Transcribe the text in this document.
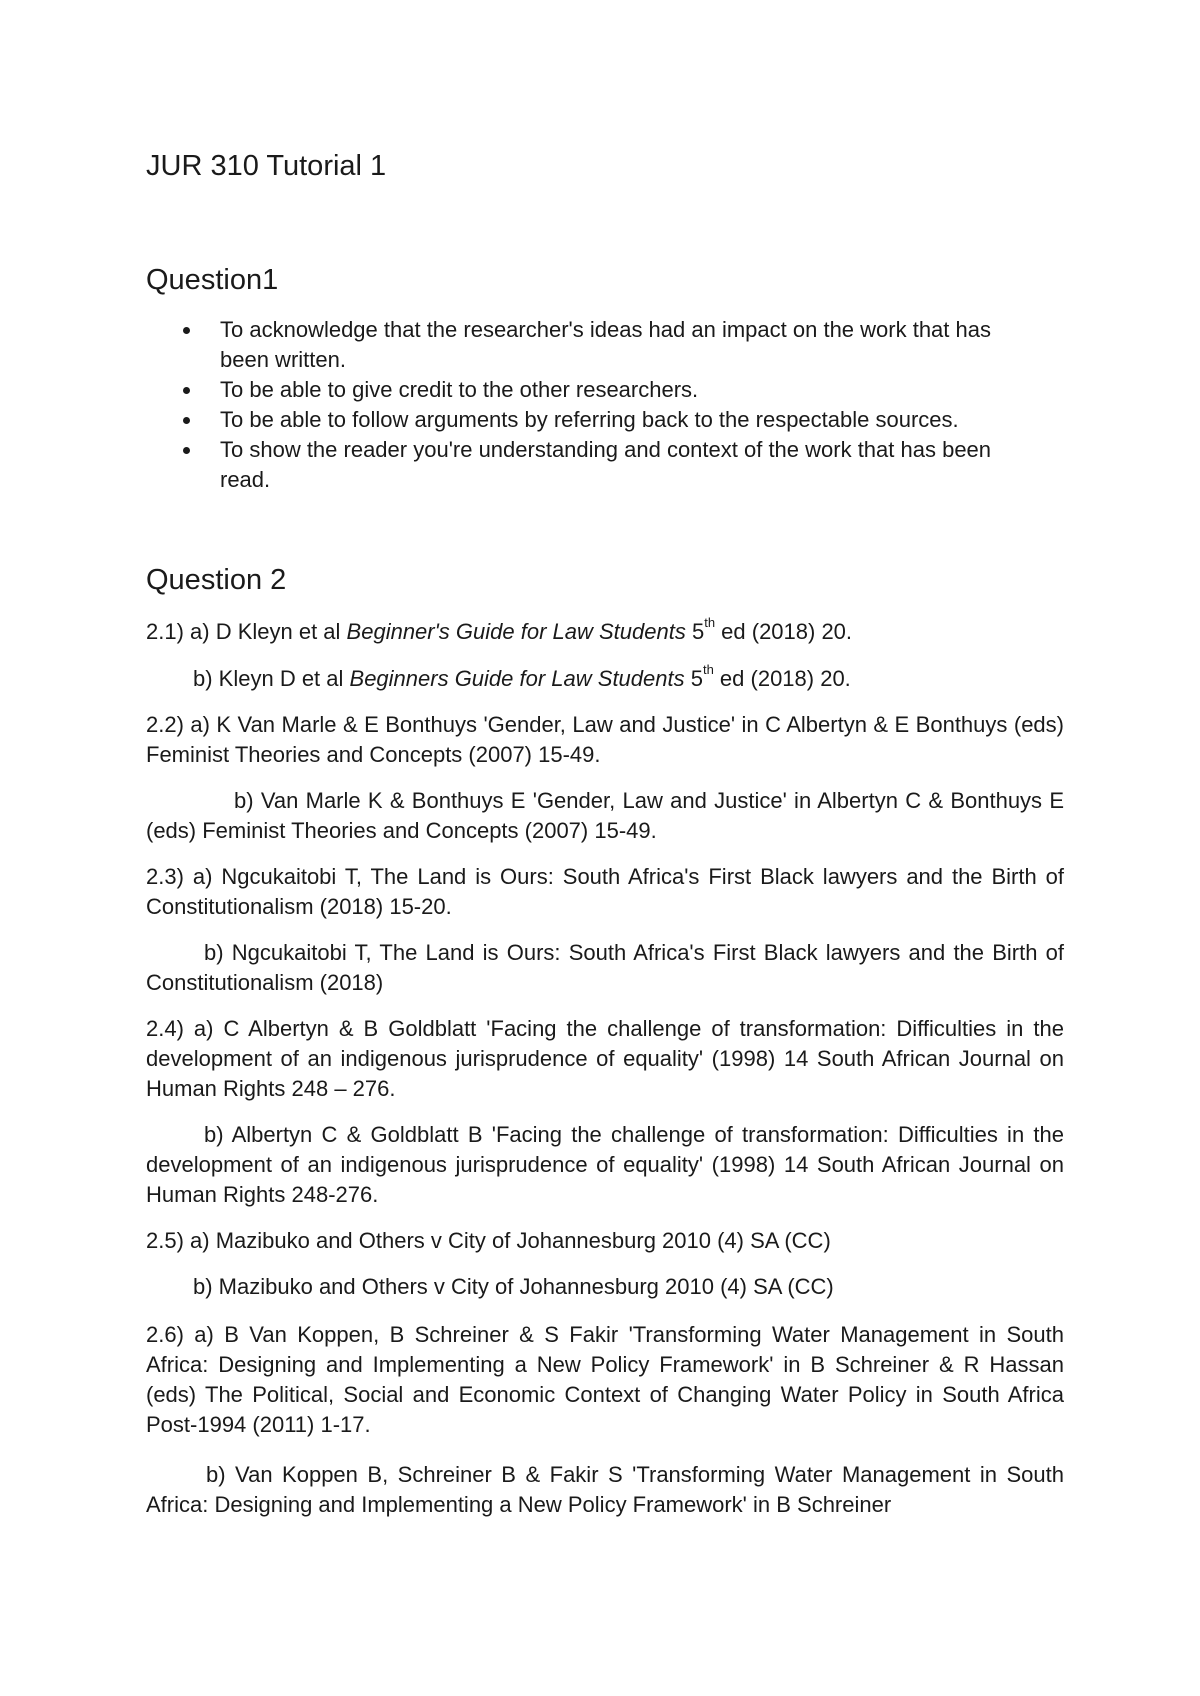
JUR 310 Tutorial 1
Question1
To acknowledge that the researcher's ideas had an impact on the work that has been written.
To be able to give credit to the other researchers.
To be able to follow arguments by referring back to the respectable sources.
To show the reader you're understanding and context of the work that has been read.
Question 2

2.1) a) D Kleyn et al Beginner's Guide for Law Students 5th ed (2018) 20.

b) Kleyn D et al Beginners Guide for Law Students 5th ed (2018) 20.

2.2) a) K Van Marle & E Bonthuys 'Gender, Law and Justice' in C Albertyn & E Bonthuys (eds) Feminist Theories and Concepts (2007) 15-49.

b) Van Marle K & Bonthuys E 'Gender, Law and Justice' in Albertyn C & Bonthuys E (eds) Feminist Theories and Concepts (2007) 15-49.

2.3) a) Ngcukaitobi T, The Land is Ours: South Africa's First Black lawyers and the Birth of Constitutionalism (2018) 15-20.

b) Ngcukaitobi T, The Land is Ours: South Africa's First Black lawyers and the Birth of Constitutionalism (2018)

2.4) a) C Albertyn & B Goldblatt 'Facing the challenge of transformation: Difficulties in the development of an indigenous jurisprudence of equality' (1998) 14 South African Journal on Human Rights 248 – 276.

b) Albertyn C & Goldblatt B 'Facing the challenge of transformation: Difficulties in the development of an indigenous jurisprudence of equality' (1998) 14 South African Journal on Human Rights 248-276.

2.5) a) Mazibuko and Others v City of Johannesburg 2010 (4) SA (CC)

b) Mazibuko and Others v City of Johannesburg 2010 (4) SA (CC)

2.6) a) B Van Koppen, B Schreiner & S Fakir 'Transforming Water Management in South Africa: Designing and Implementing a New Policy Framework' in B Schreiner & R Hassan (eds) The Political, Social and Economic Context of Changing Water Policy in South Africa Post-1994 (2011) 1-17.

b) Van Koppen B, Schreiner B & Fakir S 'Transforming Water Management in South Africa: Designing and Implementing a New Policy Framework' in B Schreiner
